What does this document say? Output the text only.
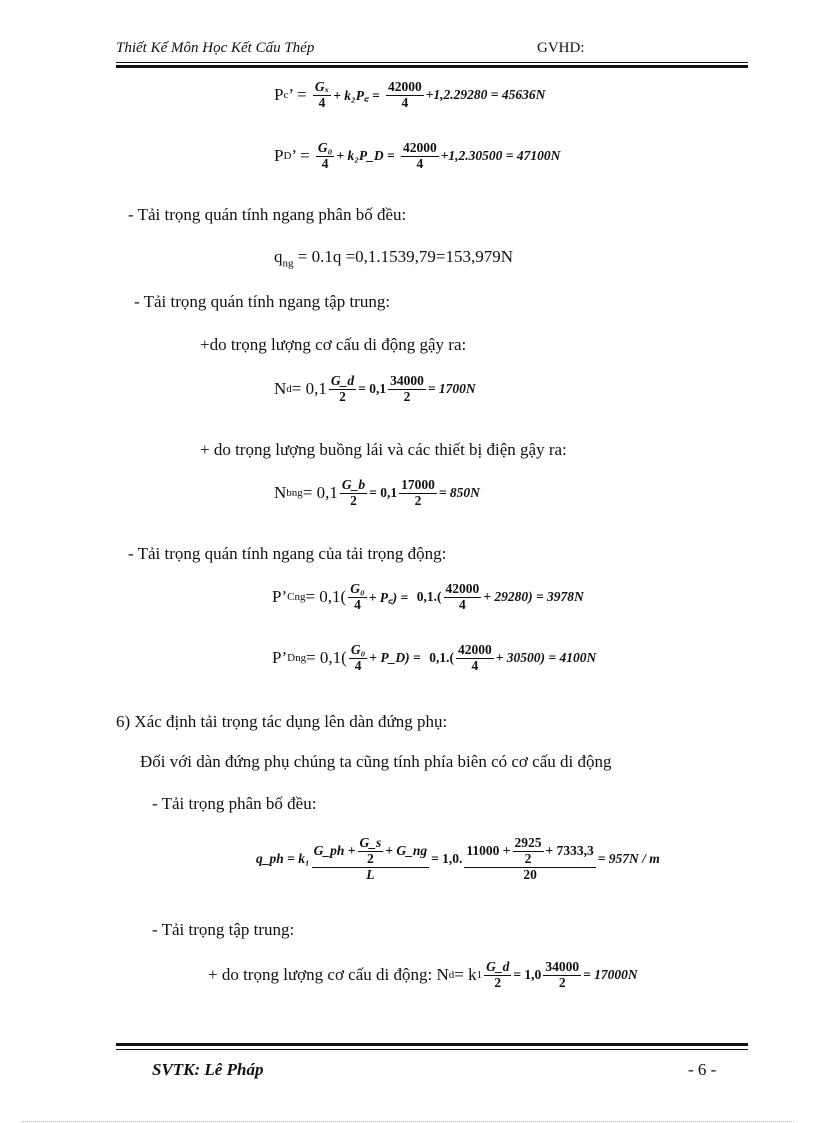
Thiết Kế Môn Học Kết Cấu Thép	GVHD:
P c ’ =
$\frac{\text{Gₓ}}{4}$ + k₂P꜀ =
$\frac{42000}{4} +1,2.29280 = 45636N$
P D ’ =
$\frac{\text{G₀}}{4}$ + k₂P_D =
$\frac{42000}{4} +1,2.30500 = 47100N$
- Tải trọng quán tính ngang phân bố đều:
$q_{ng} = 0.1q =0,1.1539,79=153,979N$
- Tải trọng quán tính ngang tập trung:
+do trọng lượng cơ cấu di động gậy ra:
N $d = 0,1 \frac{G\_d}{2} = 0,1 \frac{34000}{2} = 1700N$
+ do trọng lượng buồng lái và các thiết bị điện gậy ra:
N bng = $0,1 \frac{G\_b}{2} = 0,1 \frac{17000}{2} = 850N$
- Tải trọng quán tính ngang của tải trọng động:
P’ Cng = $0,1( \frac{\text{G₀}}{4}$ + P꜀) =
$0,1.( \frac{42000}{4} + 29280) = 3978N$
P’ Dng = $0,1( \frac{\text{G₀}}{4}$ + P_D) =
$0,1.( \frac{42000}{4} + 30500) = 4100N$
6) Xác định tải trọng tác dụng lên dàn đứng phụ:
Đối với dàn đứng phụ chúng ta cũng tính phía biên có cơ cấu di động
- Tải trọng phân bố đều:
q_ph = $k_1 \frac{G\_ph + \frac{G\_s}{2} + G\_ng}{L} = 1,0$. $\frac{11000 + \frac{2925}{2} + 7333,3}{20} = 957N / m$
- Tải trọng tập trung:
+ do trọng lượng cơ cấu di động:
N d = k $1 \frac{G\_d}{2} = 1,0 \frac{34000}{2} = 17000N$
SVTK: Lê Pháp	- 6 -
